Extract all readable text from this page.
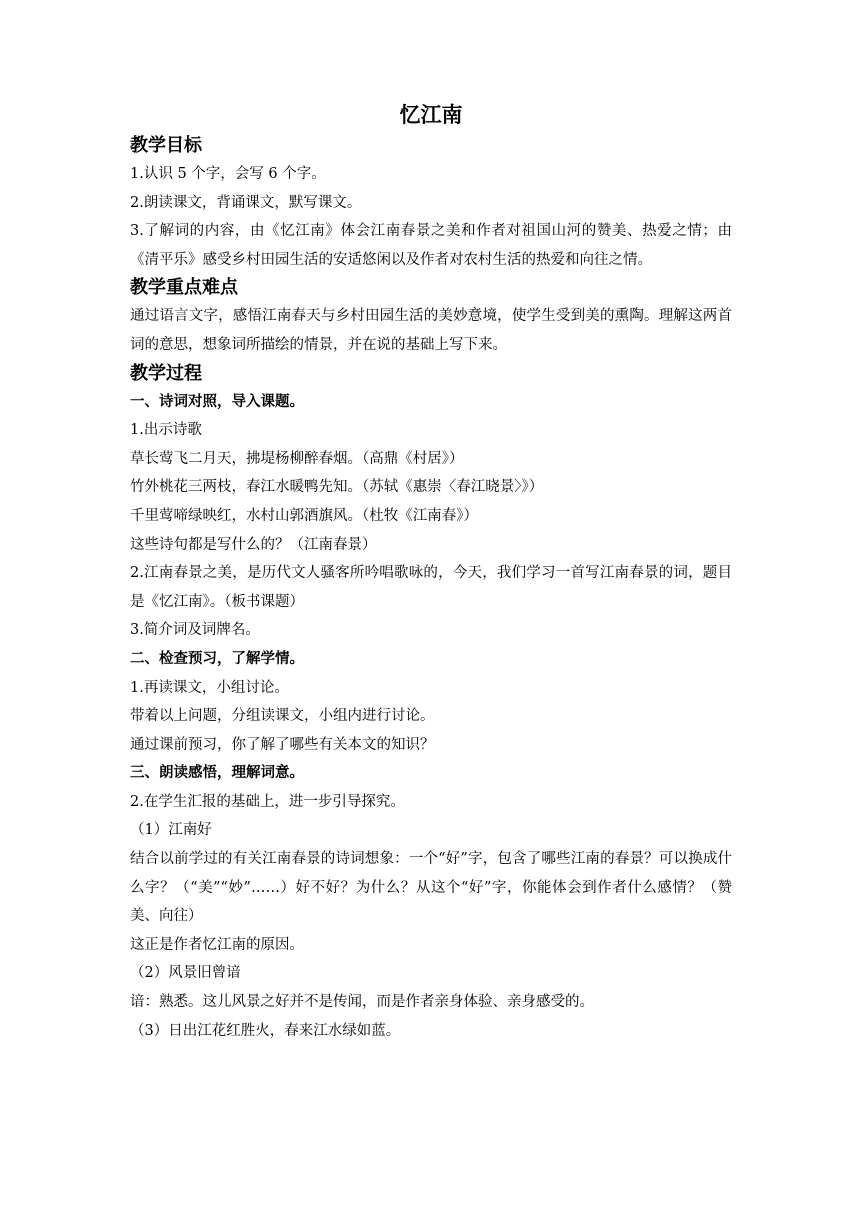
忆江南
教学目标

1.认识 5 个字，会写 6 个字。

2.朗读课文，背诵课文，默写课文。

3.了解词的内容，由《忆江南》体会江南春景之美和作者对祖国山河的赞美、热爱之情；由《清平乐》感受乡村田园生活的安适悠闲以及作者对农村生活的热爱和向往之情。

教学重点难点

通过语言文字，感悟江南春天与乡村田园生活的美妙意境，使学生受到美的熏陶。理解这两首词的意思，想象词所描绘的情景，并在说的基础上写下来。

教学过程

一、诗词对照，导入课题。

1.出示诗歌

草长莺飞二月天，拂堤杨柳醉春烟。（高鼎《村居》）

竹外桃花三两枝，春江水暖鸭先知。（苏轼《惠崇〈春江晓景〉》）

千里莺啼绿映红，水村山郭酒旗风。（杜牧《江南春》）

这些诗句都是写什么的？（江南春景）

2.江南春景之美，是历代文人骚客所吟唱歌咏的，今天，我们学习一首写江南春景的词，题目是《忆江南》。（板书课题）

3.简介词及词牌名。

二、检查预习，了解学情。

1.再读课文，小组讨论。

带着以上问题，分组读课文，小组内进行讨论。

通过课前预习，你了解了哪些有关本文的知识？

三、朗读感悟，理解词意。

2.在学生汇报的基础上，进一步引导探究。

（1）江南好

结合以前学过的有关江南春景的诗词想象：一个“好”字，包含了哪些江南的春景？可以换成什么字？（“美”“妙”……）好不好？为什么？从这个“好”字，你能体会到作者什么感情？（赞美、向往）

这正是作者忆江南的原因。

（2）风景旧曾谙

谙：熟悉。这儿风景之好并不是传闻，而是作者亲身体验、亲身感受的。

（3）日出江花红胜火，春来江水绿如蓝。
